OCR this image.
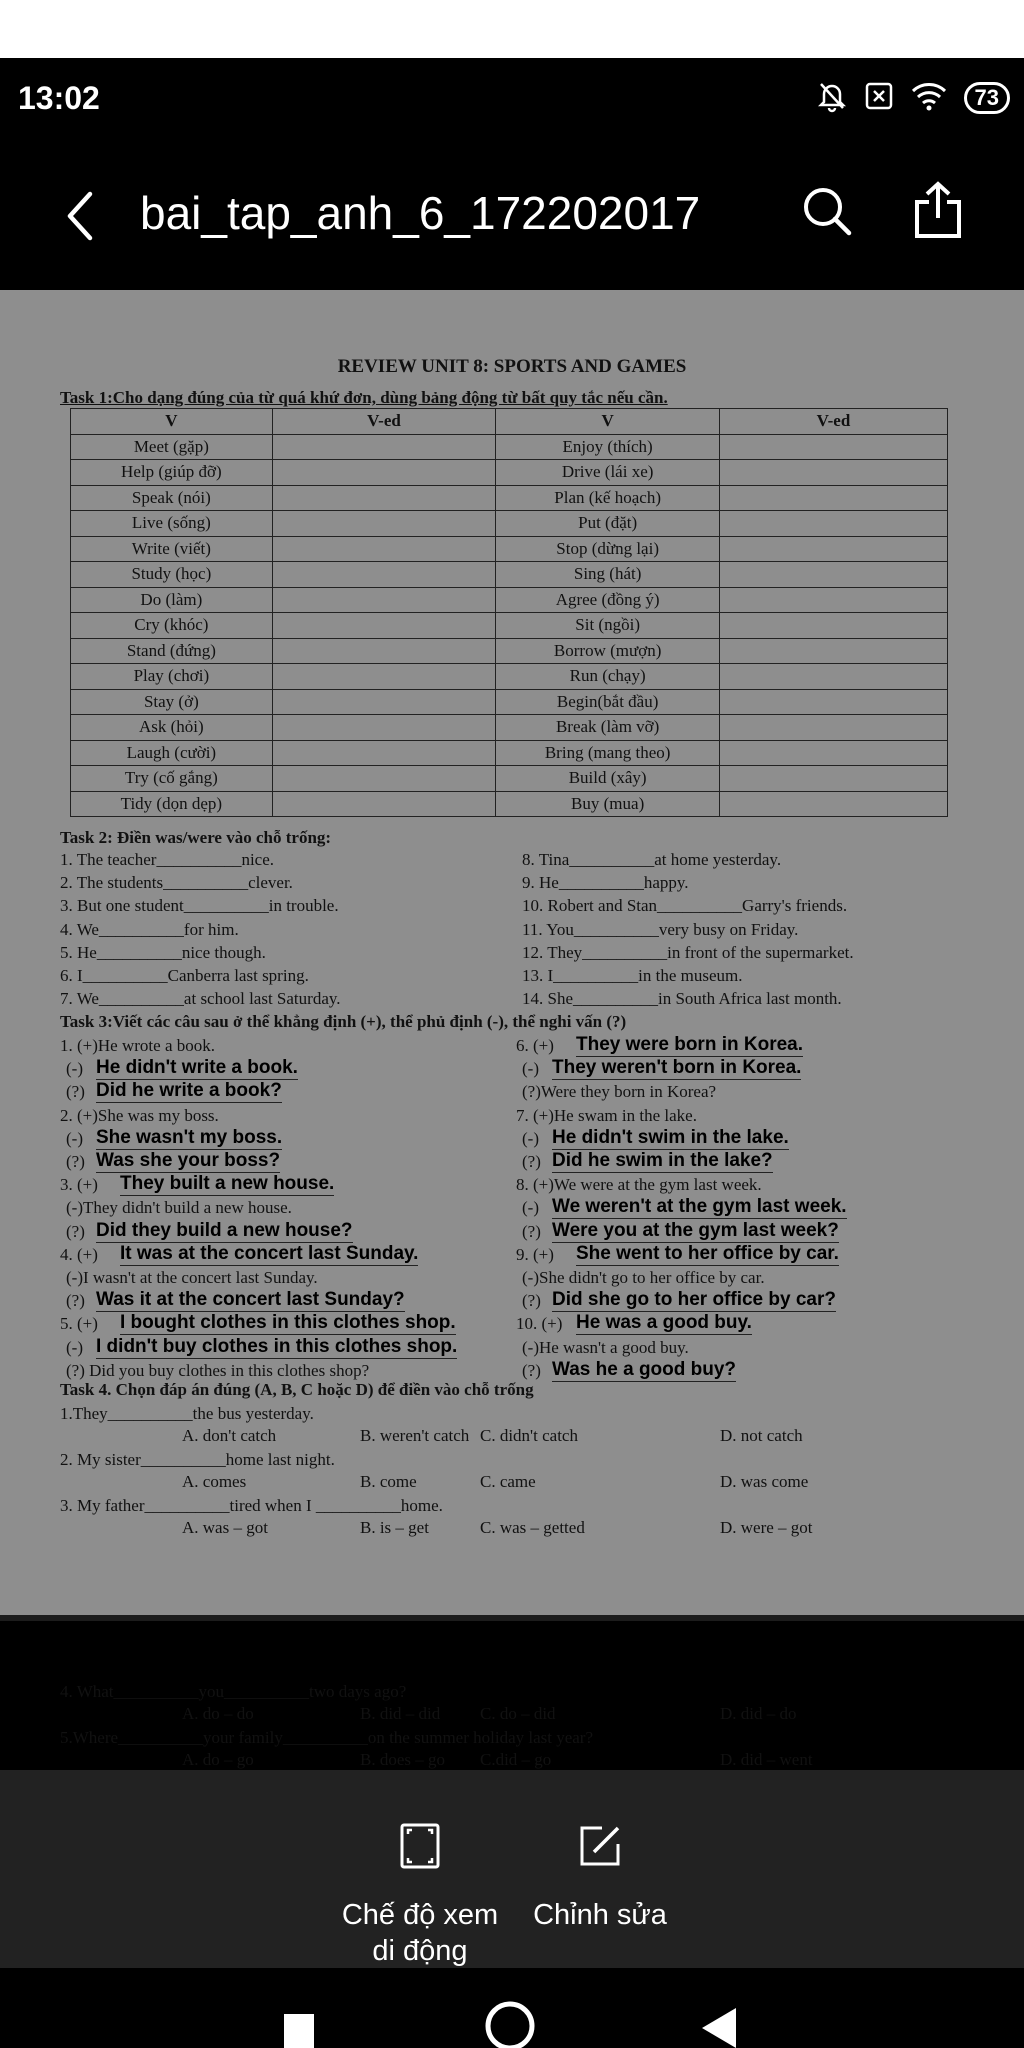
13:02	73
bai_tap_anh_6_172202017
REVIEW UNIT 8: SPORTS AND GAMES
Task 1:Cho dạng đúng của từ quá khứ đơn, dùng bảng động từ bất quy tắc nếu cần.
V	V-ed	V	V-ed
Meet (gặp)		Enjoy (thích)	
Help (giúp đỡ)		Drive (lái xe)	
Speak (nói)		Plan (kế hoạch)	
Live (sống)		Put (đặt)	
Write (viết)		Stop (dừng lại)	
Study (học)		Sing (hát)	
Do (làm)		Agree (đồng ý)	
Cry (khóc)		Sit (ngồi)	
Stand (đứng)		Borrow (mượn)	
Play (chơi)		Run (chạy)	
Stay (ở)		Begin(bắt đầu)	
Ask (hỏi)		Break (làm vỡ)	
Laugh (cười)		Bring (mang theo)	
Try (cố gắng)		Build (xây)	
Tidy (dọn dẹp)		Buy (mua)	
Task 2: Điền was/were vào chỗ trống:
1. The teacher__________nice.
2. The students__________clever.
3. But one student__________in trouble.
4. We__________for him.
5. He__________nice though.
6. I__________Canberra last spring.
7. We__________at school last Saturday.
8. Tina__________at home yesterday.
9. He__________happy.
10. Robert and Stan__________Garry's friends.
11. You__________very busy on Friday.
12. They__________in front of the supermarket.
13. I__________in the museum.
14. She__________in South Africa last month.
Task 3:Viết các câu sau ở thể khẳng định (+), thể phủ định (-), thể nghi vấn (?)
1. (+)He wrote a book.
(-) He didn't write a book.
(?) Did he write a book?
2. (+)She was my boss.
(-) She wasn't my boss.
(?) Was she your boss?
3. (+) They built a new house.
(-)They didn't build a new house.
(?) Did they build a new house?
4. (+) It was at the concert last Sunday.
(-)I wasn't at the concert last Sunday.
(?) Was it at the concert last Sunday?
5. (+) I bought clothes in this clothes shop.
(-) I didn't buy clothes in this clothes shop.
(?) Did you buy clothes in this clothes shop?
6. (+) They were born in Korea.
(-) They weren't born in Korea.
(?)Were they born in Korea?
7. (+)He swam in the lake.
(-) He didn't swim in the lake.
(?) Did he swim in the lake?
8. (+)We were at the gym last week.
(-) We weren't at the gym last week.
(?) Were you at the gym last week?
9. (+) She went to her office by car.
(-)She didn't go to her office by car.
(?) Did she go to her office by car?
10. (+) He was a good buy.
(-)He wasn't a good buy.
(?) Was he a good buy?
Task 4. Chọn đáp án đúng (A, B, C hoặc D) để điền vào chỗ trống
1.They__________the bus yesterday.
A. don't catch	B. weren't catch C. didn't catch	D. not catch
2. My sister__________home last night.
A. comes	B. come	C. came	D. was come
3. My father__________tired when I __________home.
A. was – got	B. is – get	C. was – getted	D. were – got
4. What__________you__________two days ago?
A. do – do	B. did – did C. do – did	D. did – do
5.Where__________your family__________on the summer holiday last year?
A. do – go	B. does – go C.did – go	D. did – went
Chế độ xem di động
Chỉnh sửa
